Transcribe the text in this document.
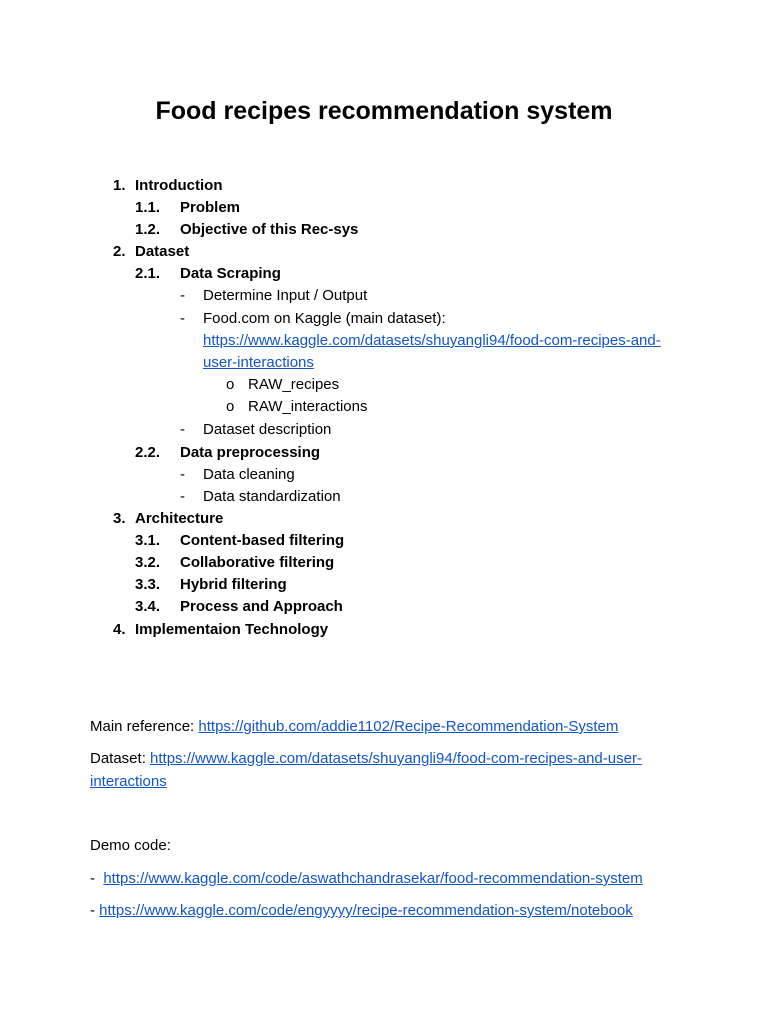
Food recipes recommendation system
1. Introduction
1.1. Problem
1.2. Objective of this Rec-sys
2. Dataset
2.1. Data Scraping
- Determine Input / Output
- Food.com on Kaggle (main dataset):
https://www.kaggle.com/datasets/shuyangli94/food-com-recipes-and-
user-interactions
o RAW_recipes
o RAW_interactions
- Dataset description
2.2. Data preprocessing
- Data cleaning
- Data standardization
3. Architecture
3.1. Content-based filtering
3.2. Collaborative filtering
3.3. Hybrid filtering
3.4. Process and Approach
4. Implementaion Technology
Main reference: https://github.com/addie1102/Recipe-Recommendation-System
Dataset: https://www.kaggle.com/datasets/shuyangli94/food-com-recipes-and-user-
interactions
Demo code:
-  https://www.kaggle.com/code/aswathchandrasekar/food-recommendation-system
- https://www.kaggle.com/code/engyyyy/recipe-recommendation-system/notebook
